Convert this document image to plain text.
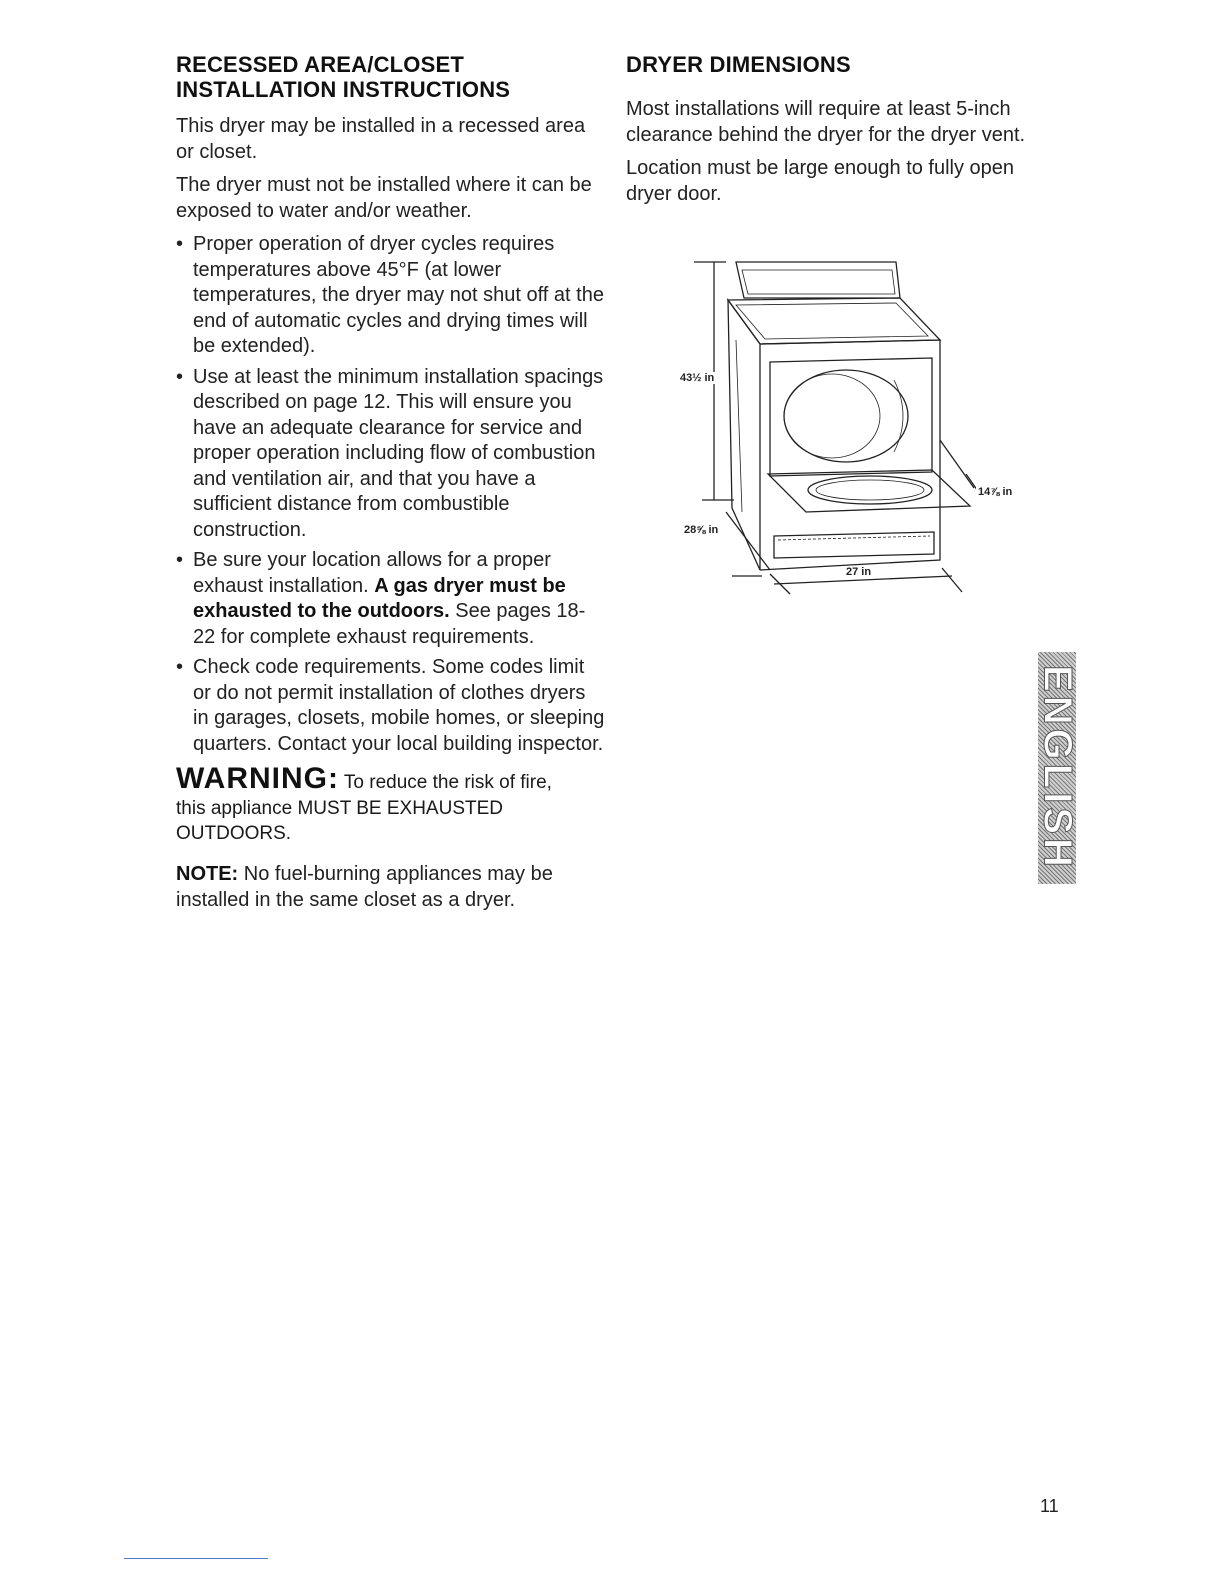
RECESSED AREA/CLOSET
INSTALLATION INSTRUCTIONS

This dryer may be installed in a recessed area or closet.

The dryer must not be installed where it can be exposed to water and/or weather.

• Proper operation of dryer cycles requires temperatures above 45°F (at lower temperatures, the dryer may not shut off at the end of automatic cycles and drying times will be extended).
• Use at least the minimum installation spacings described on page 12. This will ensure you have an adequate clearance for service and proper operation including flow of combustion and ventilation air, and that you have a sufficient distance from combustible construction.
• Be sure your location allows for a proper exhaust installation. A gas dryer must be exhausted to the outdoors. See pages 18-22 for complete exhaust requirements.
• Check code requirements. Some codes limit or do not permit installation of clothes dryers in garages, closets, mobile homes, or sleeping quarters. Contact your local building inspector.
WARNING: To reduce the risk of fire,
this appliance MUST BE EXHAUSTED OUTDOORS.

NOTE: No fuel-burning appliances may be installed in the same closet as a dryer.

DRYER DIMENSIONS

Most installations will require at least 5-inch clearance behind the dryer for the dryer vent.

Location must be large enough to fully open dryer door.

43½ in
28⅝ in
14⅞ in
27 in
ENGLISH
11
